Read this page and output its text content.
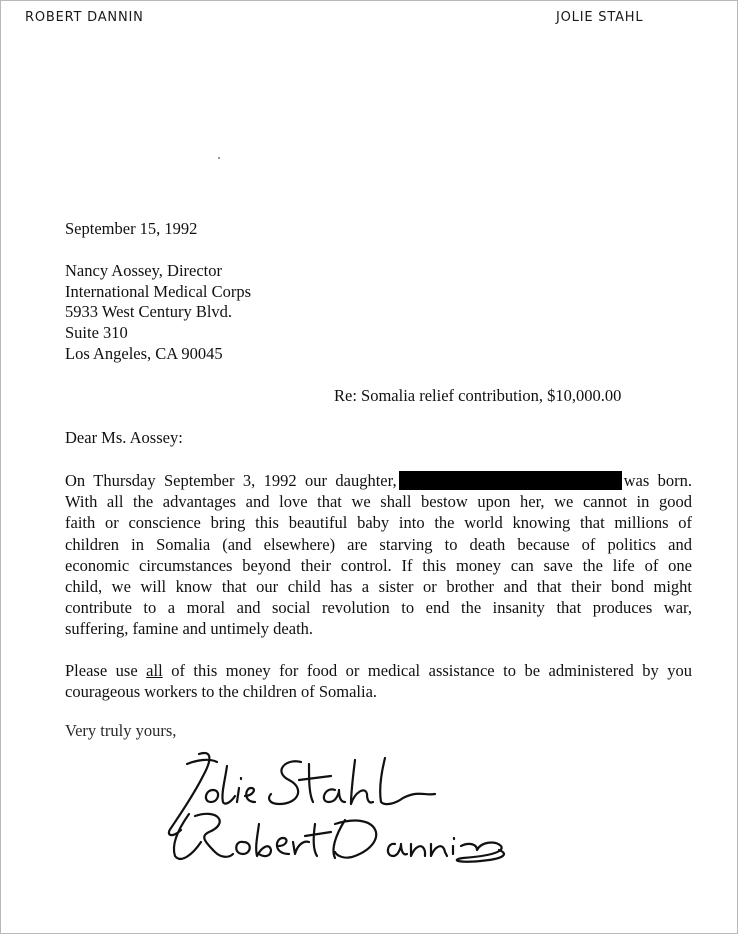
ROBERT DANNIN	JOLIE STAHL
September 15, 1992
Nancy Aossey, Director
International Medical Corps
5933 West Century Blvd.
Suite 310
Los Angeles, CA 90045
Re: Somalia relief contribution, $10,000.00
Dear Ms. Aossey:
On Thursday September 3, 1992 our daughter,	was born.
With all the advantages and love that we shall bestow upon her, we cannot in good
faith or conscience bring this beautiful baby into the world knowing that millions of
children in Somalia (and elsewhere) are starving to death because of politics and
economic circumstances beyond their control. If this money can save the life of one
child, we will know that our child has a sister or brother and that their bond might
contribute to a moral and social revolution to end the insanity that produces war,
suffering, famine and untimely death.
Please use all of this money for food or medical assistance to be administered by you
courageous workers to the children of Somalia.
Very truly yours,
